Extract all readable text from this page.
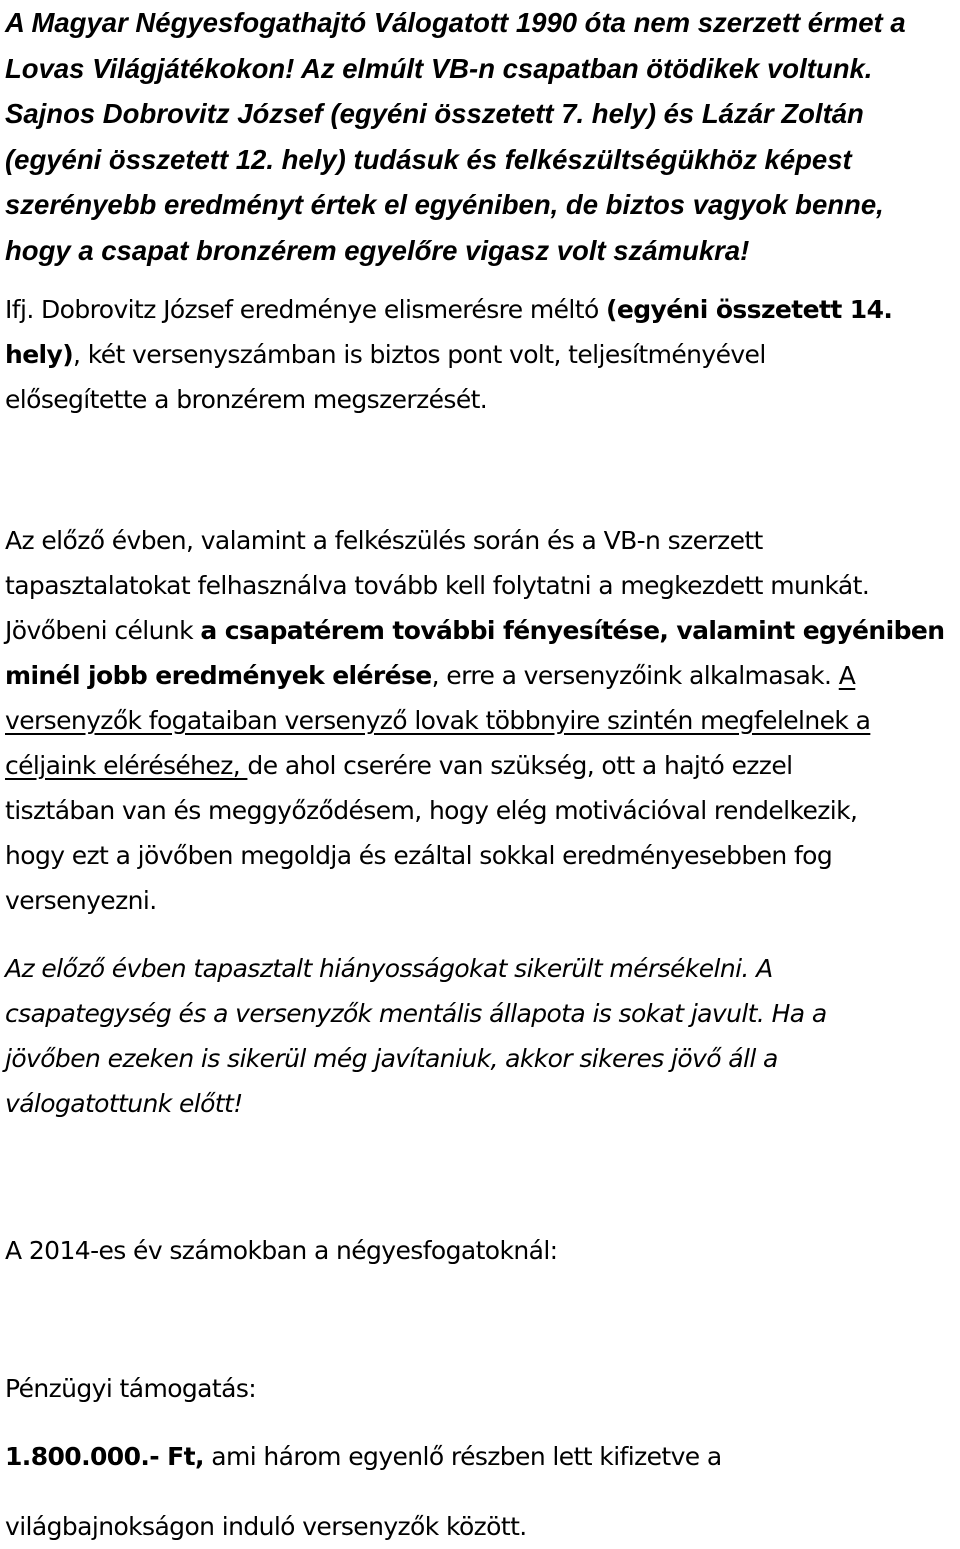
A Magyar Négyesfogathajtó Válogatott 1990 óta nem szerzett érmet a
Lovas Világjátékokon! Az elmúlt VB-n csapatban ötödikek voltunk.
Sajnos Dobrovitz József (egyéni összetett 7. hely) és Lázár Zoltán
(egyéni összetett 12. hely) tudásuk és felkészültségükhöz képest
szerényebb eredményt értek el egyéniben, de biztos vagyok benne,
hogy a csapat bronzérem egyelőre vigasz volt számukra!
Ifj. Dobrovitz József eredménye elismerésre méltó (egyéni összetett 14.
hely), két versenyszámban is biztos pont volt, teljesítményével
elősegítette a bronzérem megszerzését.
Az előző évben, valamint a felkészülés során és a VB-n szerzett
tapasztalatokat felhasználva tovább kell folytatni a megkezdett munkát.
Jövőbeni célunk a csapatérem további fényesítése, valamint egyéniben
minél jobb eredmények elérése, erre a versenyzőink alkalmasak. A
versenyzők fogataiban versenyző lovak többnyire szintén megfelelnek a
céljaink eléréséhez, de ahol cserére van szükség, ott a hajtó ezzel
tisztában van és meggyőződésem, hogy elég motivációval rendelkezik,
hogy ezt a jövőben megoldja és ezáltal sokkal eredményesebben fog
versenyezni.
Az előző évben tapasztalt hiányosságokat sikerült mérsékelni. A
csapategység és a versenyzők mentális állapota is sokat javult. Ha a
jövőben ezeken is sikerül még javítaniuk, akkor sikeres jövő áll a
válogatottunk előtt!
A 2014-es év számokban a négyesfogatoknál:
Pénzügyi támogatás:
1.800.000.- Ft, ami három egyenlő részben lett kifizetve a
világbajnokságon induló versenyzők között.
